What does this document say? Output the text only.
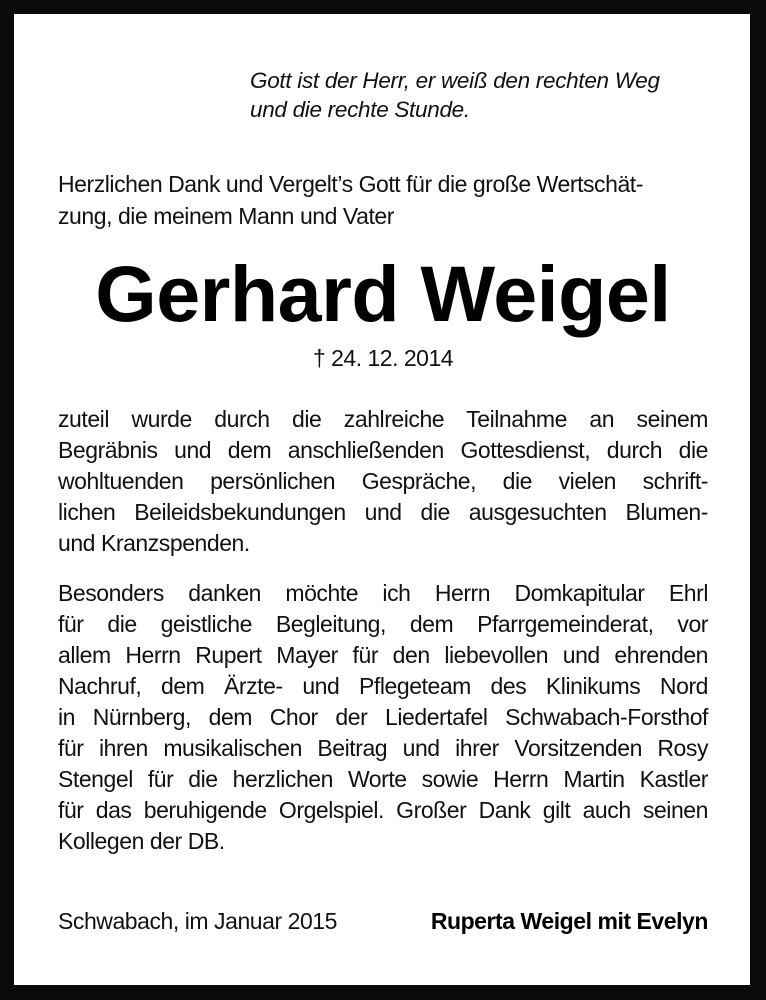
Gott ist der Herr, er weiß den rechten Weg
und die rechte Stunde.
Herzlichen Dank und Vergelt’s Gott für die große Wertschät-
zung, die meinem Mann und Vater
Gerhard Weigel
† 24. 12. 2014
zuteil wurde durch die zahlreiche Teilnahme an seinem
Begräbnis und dem anschließenden Gottesdienst, durch die
wohltuenden persönlichen Gespräche, die vielen schrift-
lichen Beileidsbekundungen und die ausgesuchten Blumen-
und Kranzspenden.
Besonders danken möchte ich Herrn Domkapitular Ehrl
für die geistliche Begleitung, dem Pfarrgemeinderat, vor
allem Herrn Rupert Mayer für den liebevollen und ehrenden
Nachruf, dem Ärzte- und Pflegeteam des Klinikums Nord
in Nürnberg, dem Chor der Liedertafel Schwabach-Forsthof
für ihren musikalischen Beitrag und ihrer Vorsitzenden Rosy
Stengel für die herzlichen Worte sowie Herrn Martin Kastler
für das beruhigende Orgelspiel. Großer Dank gilt auch seinen
Kollegen der DB.
Schwabach, im Januar 2015	Ruperta Weigel mit Evelyn
